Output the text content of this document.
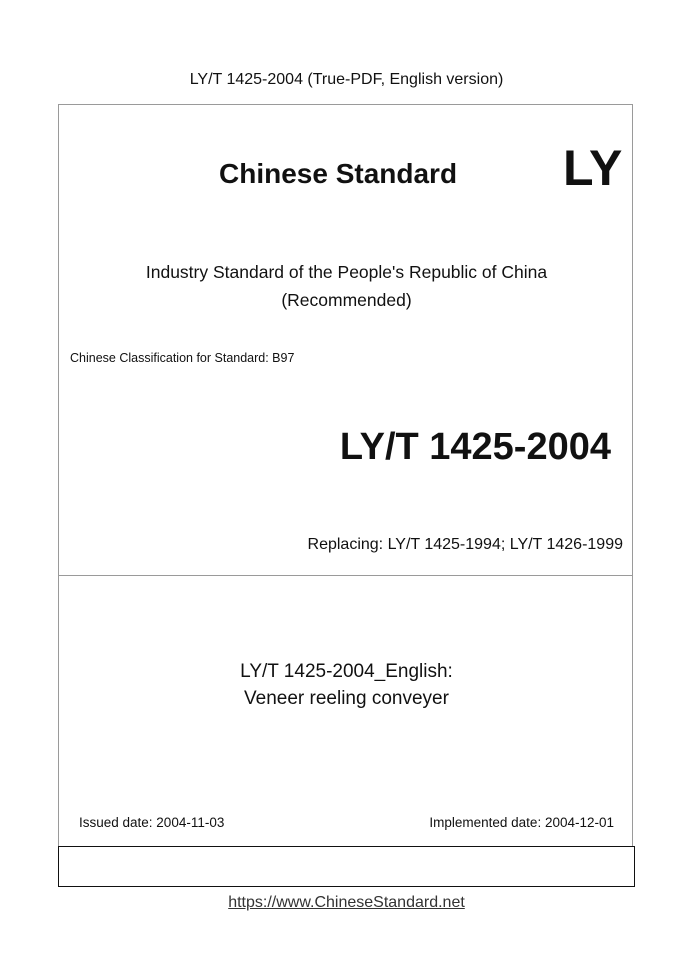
LY/T 1425-2004 (True-PDF, English version)
Chinese Standard LY
Industry Standard of the People's Republic of China
(Recommended)
Chinese Classification for Standard: B97
LY/T 1425-2004
Replacing: LY/T 1425-1994; LY/T 1426-1999
LY/T 1425-2004_English:
Veneer reeling conveyer
Issued date: 2004-11-03	Implemented date: 2004-12-01
https://www.ChineseStandard.net
